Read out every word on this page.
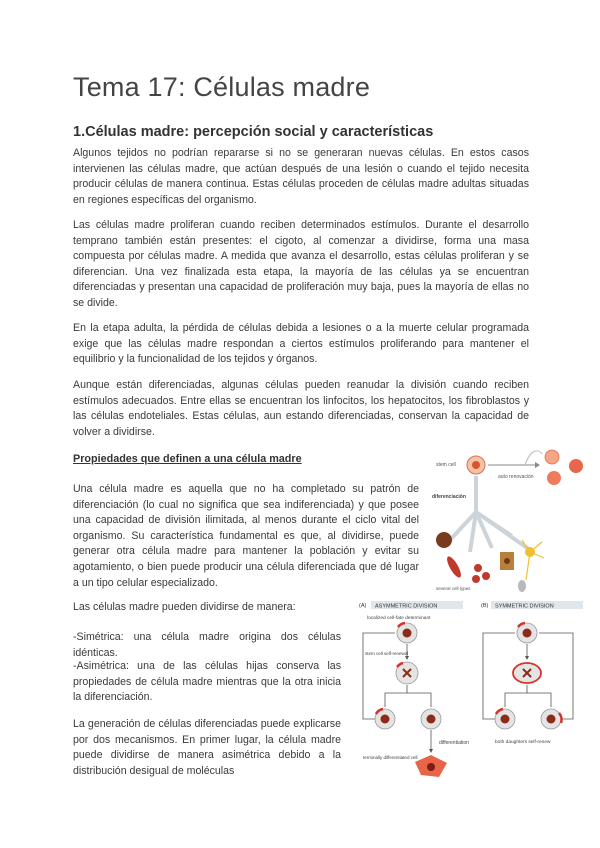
Tema 17: Células madre
1.Células madre: percepción social y características

Algunos tejidos no podrían repararse si no se generaran nuevas células. En estos casos intervienen las células madre, que actúan después de una lesión o cuando el tejido necesita producir células de manera continua. Estas células proceden de células madre adultas situadas en regiones específicas del organismo.

Las células madre proliferan cuando reciben determinados estímulos. Durante el desarrollo temprano también están presentes: el cigoto, al comenzar a dividirse, forma una masa compuesta por células madre. A medida que avanza el desarrollo, estas células proliferan y se diferencian. Una vez finalizada esta etapa, la mayoría de las células ya se encuentran diferenciadas y presentan una capacidad de proliferación muy baja, pues la mayoría de ellas no se divide.

En la etapa adulta, la pérdida de células debida a lesiones o a la muerte celular programada exige que las células madre respondan a ciertos estímulos proliferando para mantener el equilibrio y la funcionalidad de los tejidos y órganos.

Aunque están diferenciadas, algunas células pueden reanudar la división cuando reciben estímulos adecuados. Entre ellas se encuentran los linfocitos, los hepatocitos, los fibroblastos y las células endoteliales. Estas células, aun estando diferenciadas, conservan la capacidad de volver a dividirse.

Propiedades que definen a una célula madre

Una célula madre es aquella que no ha completado su patrón de diferenciación (lo cual no significa que sea indiferenciada) y que posee una capacidad de división ilimitada, al menos durante el ciclo vital del organismo. Su característica fundamental es que, al dividirse, puede generar otra célula madre para mantener la población y evitar su agotamiento, o bien puede producir una célula diferenciada que dé lugar a un tipo celular especializado.

Las células madre pueden dividirse de manera:

-Simétrica: una célula madre origina dos células idénticas.

-Asimétrica: una de las células hijas conserva las propiedades de célula madre mientras que la otra inicia la diferenciación.

La generación de células diferenciadas puede explicarse por dos mecanismos. En primer lugar, la célula madre puede dividirse de manera asimétrica debido a la distribución desigual de moléculas

stem cell
auto renovación
diferenciación
several cell types
(A) ASYMMETRIC DIVISION	(B) SYMMETRIC DIVISION
localized cell-fate determinant
stem cell self-renewal
differentiation
terminally differentiated cell
both daughters self-renew
